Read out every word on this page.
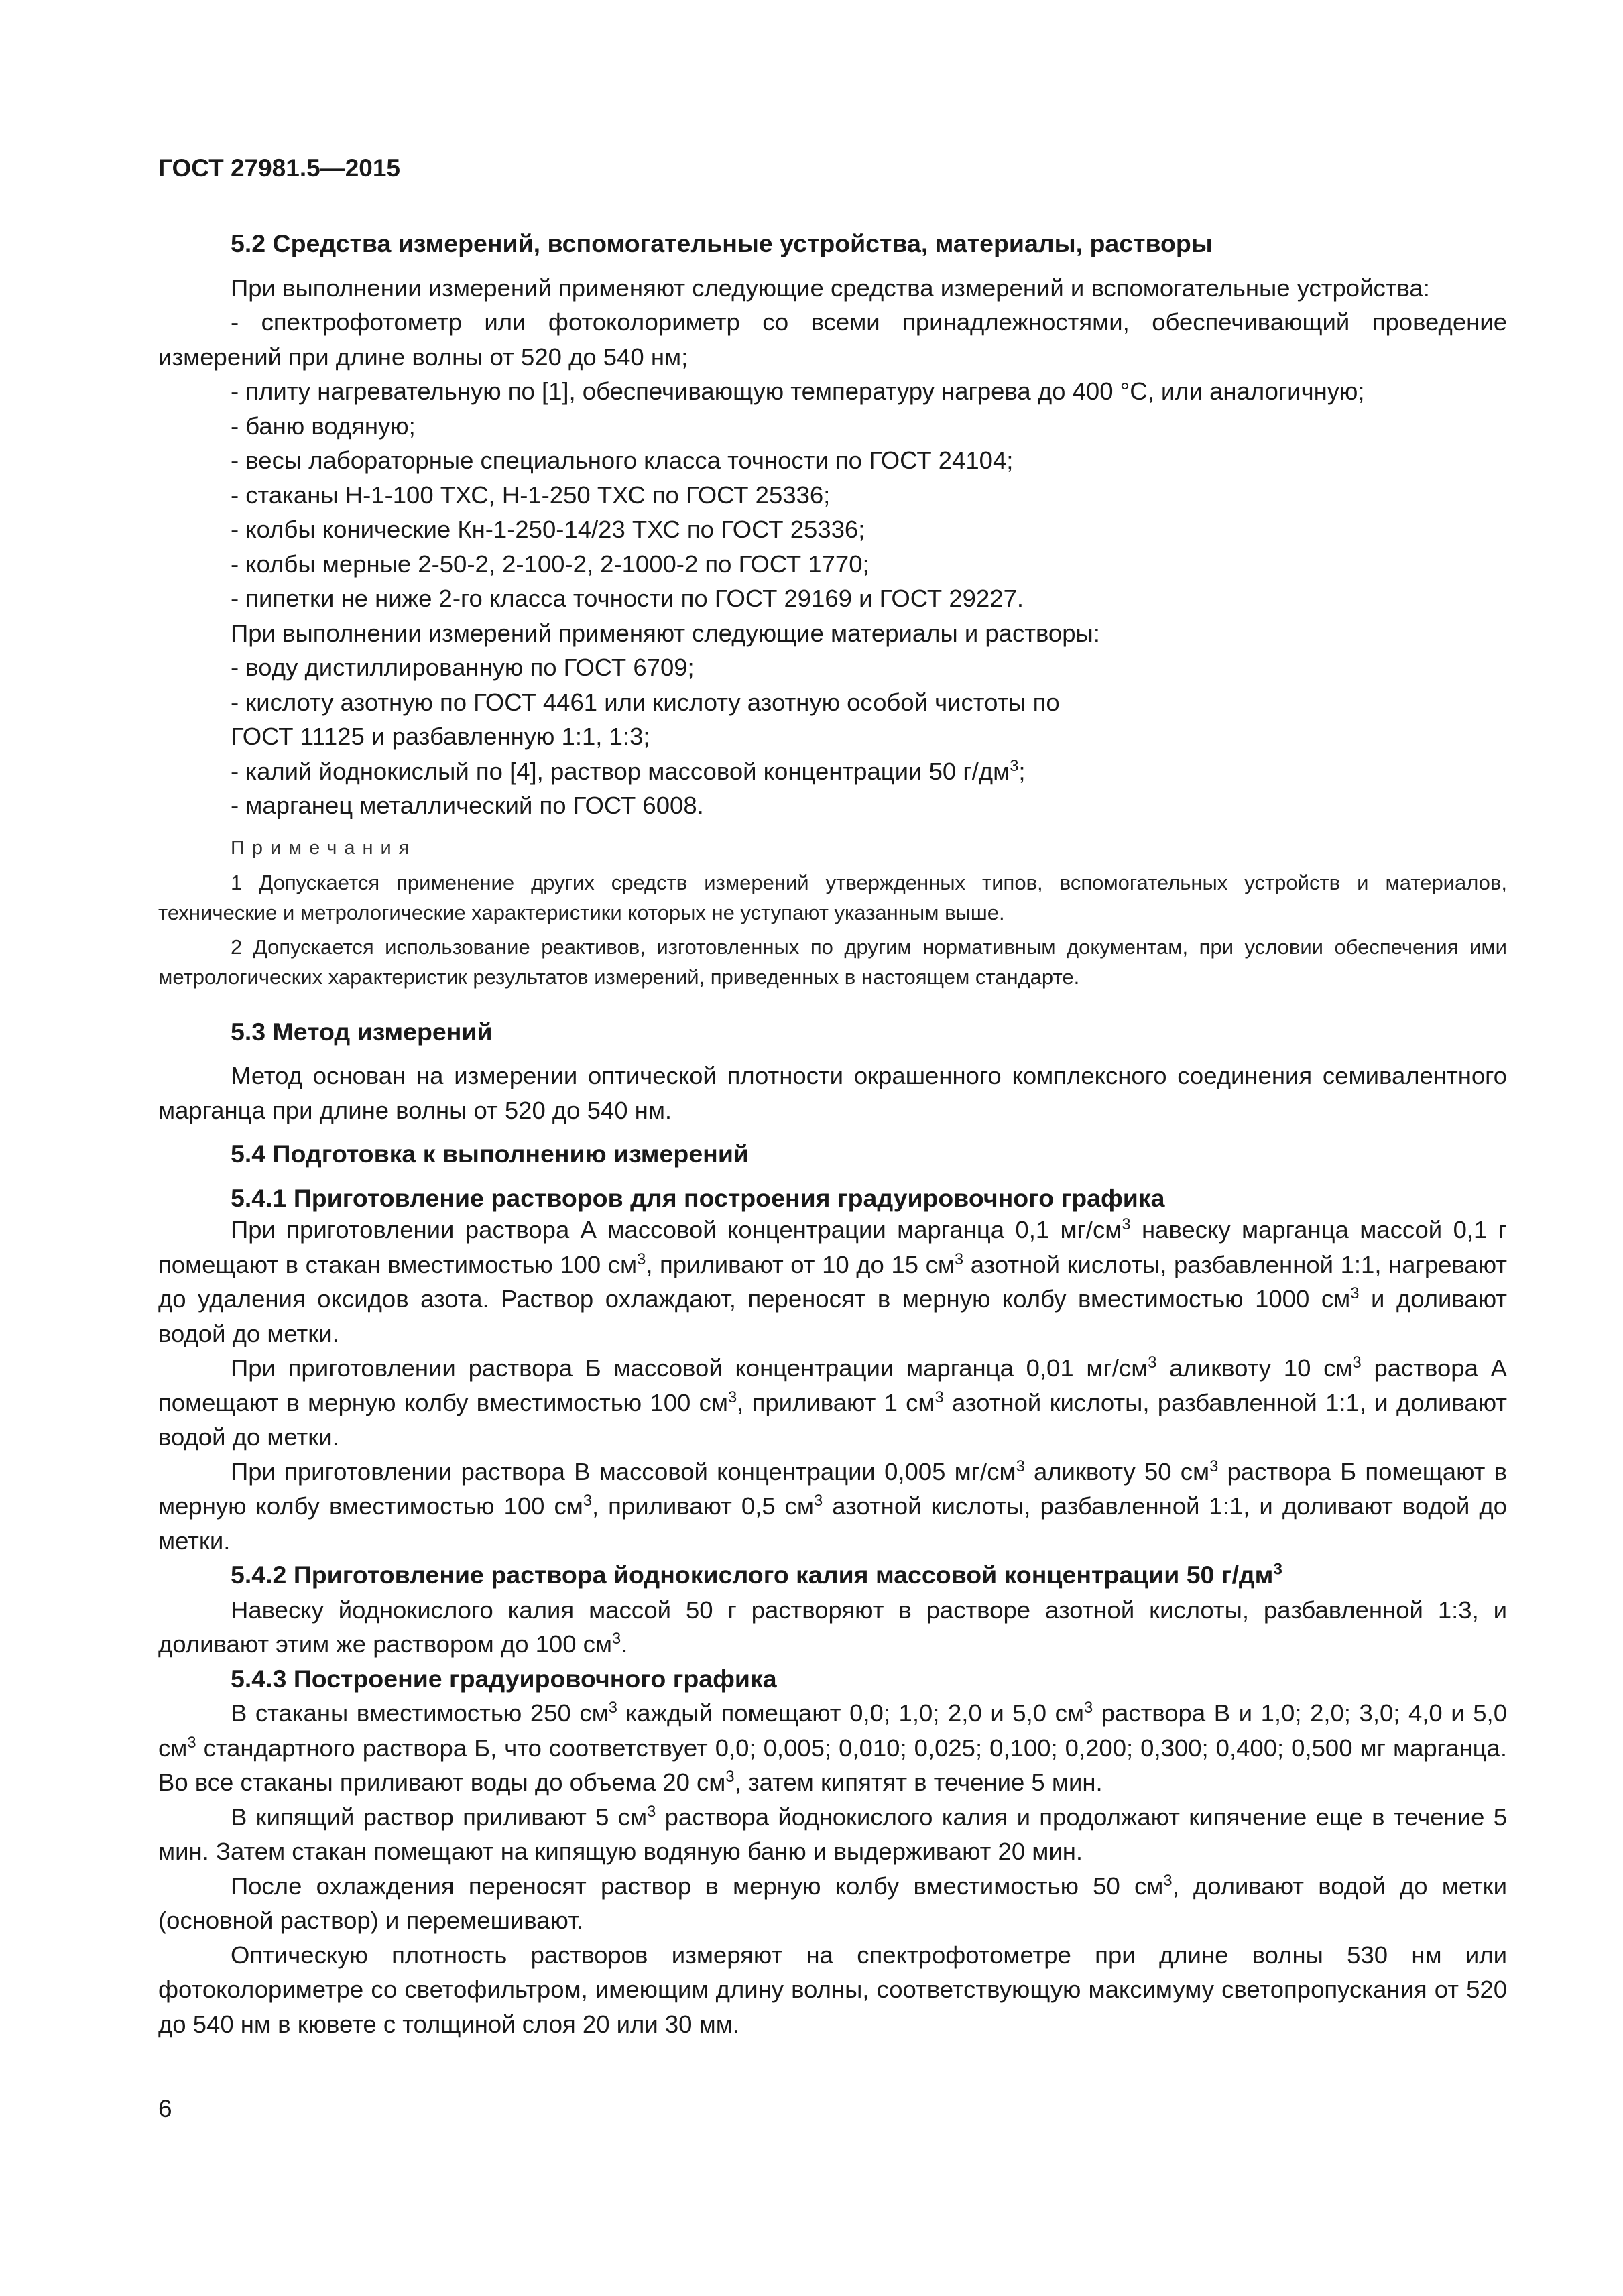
ГОСТ 27981.5—2015
5.2 Средства измерений, вспомогательные устройства, материалы, растворы

При выполнении измерений применяют следующие средства измерений и вспомогательные устройства:

- спектрофотометр или фотоколориметр со всеми принадлежностями, обеспечивающий проведение измерений при длине волны от 520 до 540 нм;
- плиту нагревательную по [1], обеспечивающую температуру нагрева до 400 °С, или аналогичную;
- баню водяную;
- весы лабораторные специального класса точности по ГОСТ 24104;
- стаканы Н-1-100 ТХС, Н-1-250 ТХС по ГОСТ 25336;
- колбы конические Кн-1-250-14/23 ТХС по ГОСТ 25336;
- колбы мерные 2-50-2, 2-100-2, 2-1000-2 по ГОСТ 1770;
- пипетки не ниже 2-го класса точности по ГОСТ 29169 и ГОСТ 29227.
При выполнении измерений применяют следующие материалы и растворы:
- воду дистиллированную по ГОСТ 6709;
- кислоту азотную по ГОСТ 4461 или кислоту азотную особой чистоты по
ГОСТ 11125 и разбавленную 1:1, 1:3;
- калий йоднокислый по [4], раствор массовой концентрации 50 $г/дм^3$;
- марганец металлический по ГОСТ 6008.
Примечания

1 Допускается применение других средств измерений утвержденных типов, вспомогательных устройств и материалов, технические и метрологические характеристики которых не уступают указанным выше.

2 Допускается использование реактивов, изготовленных по другим нормативным документам, при условии обеспечения ими метрологических характеристик результатов измерений, приведенных в настоящем стандарте.

5.3 Метод измерений

Метод основан на измерении оптической плотности окрашенного комплексного соединения семивалентного марганца при длине волны от 520 до 540 нм.

5.4 Подготовка к выполнению измерений
5.4.1 Приготовление растворов для построения градуировочного графика

При приготовлении раствора А массовой концентрации марганца 0,1 $мг/см^3$ навеску марганца массой 0,1 г помещают в стакан вместимостью 100 $см^3$, приливают от 10 до 15 $см^3$ азотной кислоты, разбавленной 1:1, нагревают до удаления оксидов азота. Раствор охлаждают, переносят в мерную колбу вместимостью 1000 $см^3$ и доливают водой до метки.

При приготовлении раствора Б массовой концентрации марганца 0,01 $мг/см^3$ аликвоту 10 $см^3$ раствора А помещают в мерную колбу вместимостью 100 $см^3$, приливают 1 $см^3$ азотной кислоты, разбавленной 1:1, и доливают водой до метки.

При приготовлении раствора В массовой концентрации 0,005 $мг/см^3$ аликвоту 50 $см^3$ раствора Б помещают в мерную колбу вместимостью 100 $см^3$, приливают 0,5 $см^3$ азотной кислоты, разбавленной 1:1, и доливают водой до метки.

5.4.2 Приготовление раствора йоднокислого калия массовой концентрации 50 $г/дм^3$

Навеску йоднокислого калия массой 50 г растворяют в растворе азотной кислоты, разбавленной 1:3, и доливают этим же раствором до 100 $см^3$.

5.4.3 Построение градуировочного графика

В стаканы вместимостью 250 $см^3$ каждый помещают 0,0; 1,0; 2,0 и 5,0 $см^3$ раствора В и 1,0; 2,0; 3,0; 4,0 и 5,0 $см^3$ стандартного раствора Б, что соответствует 0,0; 0,005; 0,010; 0,025; 0,100; 0,200; 0,300; 0,400; 0,500 мг марганца. Во все стаканы приливают воды до объема 20 $см^3$, затем кипятят в течение 5 мин.

В кипящий раствор приливают 5 $см^3$ раствора йоднокислого калия и продолжают кипячение еще в течение 5 мин. Затем стакан помещают на кипящую водяную баню и выдерживают 20 мин.

После охлаждения переносят раствор в мерную колбу вместимостью 50 $см^3$, доливают водой до метки (основной раствор) и перемешивают.

Оптическую плотность растворов измеряют на спектрофотометре при длине волны 530 нм или фотоколориметре со светофильтром, имеющим длину волны, соответствующую максимуму светопропускания от 520 до 540 нм в кювете с толщиной слоя 20 или 30 мм.

6
